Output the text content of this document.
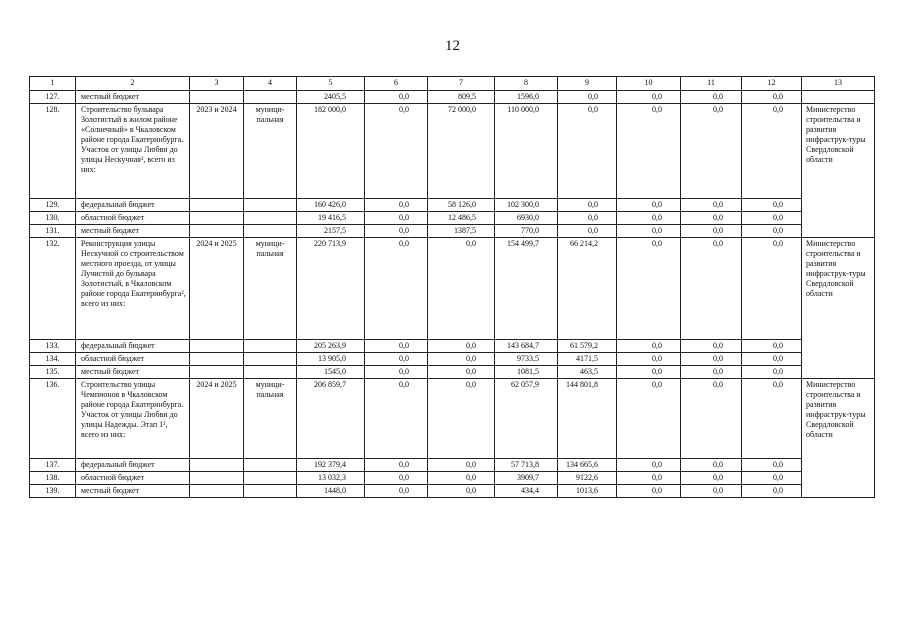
12
1	2	3	4	5	6	7	8	9	10	11	12	13
127.	местный бюджет			2405,5	0,0	809,5	1596,0	0,0	0,0	0,0	0,0	
128.	Строительство бульвара Золотистый в жилом районе «Солнечный» в Чкаловском районе города Екатеринбурга. Участок от улицы Любви до улицы Нескучная³, всего из них:	2023 и 2024	муници-пальная	182 000,0	0,0	72 000,0	110 000,0	0,0	0,0	0,0	0,0	Министерство строительства и развития инфраструк-туры Свердловской области
129.	федеральный бюджет			160 426,0	0,0	58 126,0	102 300,0	0,0	0,0	0,0	0,0	
130.	областной бюджет			19 416,5	0,0	12 486,5	6930,0	0,0	0,0	0,0	0,0	
131.	местный бюджет			2157,5	0,0	1387,5	770,0	0,0	0,0	0,0	0,0	
132.	Реконструкция улицы Нескучной со строительством местного проезда, от улицы Лучистой до бульвара Золотистый, в Чкаловском районе города Екатеринбурга², всего из них:	2024 и 2025	муници-пальная	220 713,9	0,0	0,0	154 499,7	66 214,2	0,0	0,0	0,0	Министерство строительства и развития инфраструк-туры Свердловской области
133.	федеральный бюджет			205 263,9	0,0	0,0	143 684,7	61 579,2	0,0	0,0	0,0	
134.	областной бюджет			13 905,0	0,0	0,0	9733,5	4171,5	0,0	0,0	0,0	
135.	местный бюджет			1545,0	0,0	0,0	1081,5	463,5	0,0	0,0	0,0	
136.	Строительство улицы Чемпионов в Чкаловском районе города Екатеринбурга. Участок от улицы Любви до улицы Надежды. Этап 1², всего из них:	2024 и 2025	муници-пальная	206 859,7	0,0	0,0	62 057,9	144 801,8	0,0	0,0	0,0	Министерство строительства и развития инфраструк-туры Свердловской области
137.	федеральный бюджет			192 379,4	0,0	0,0	57 713,8	134 665,6	0,0	0,0	0,0	
138.	областной бюджет			13 032,3	0,0	0,0	3909,7	9122,6	0,0	0,0	0,0	
139.	местный бюджет			1448,0	0,0	0,0	434,4	1013,6	0,0	0,0	0,0	
